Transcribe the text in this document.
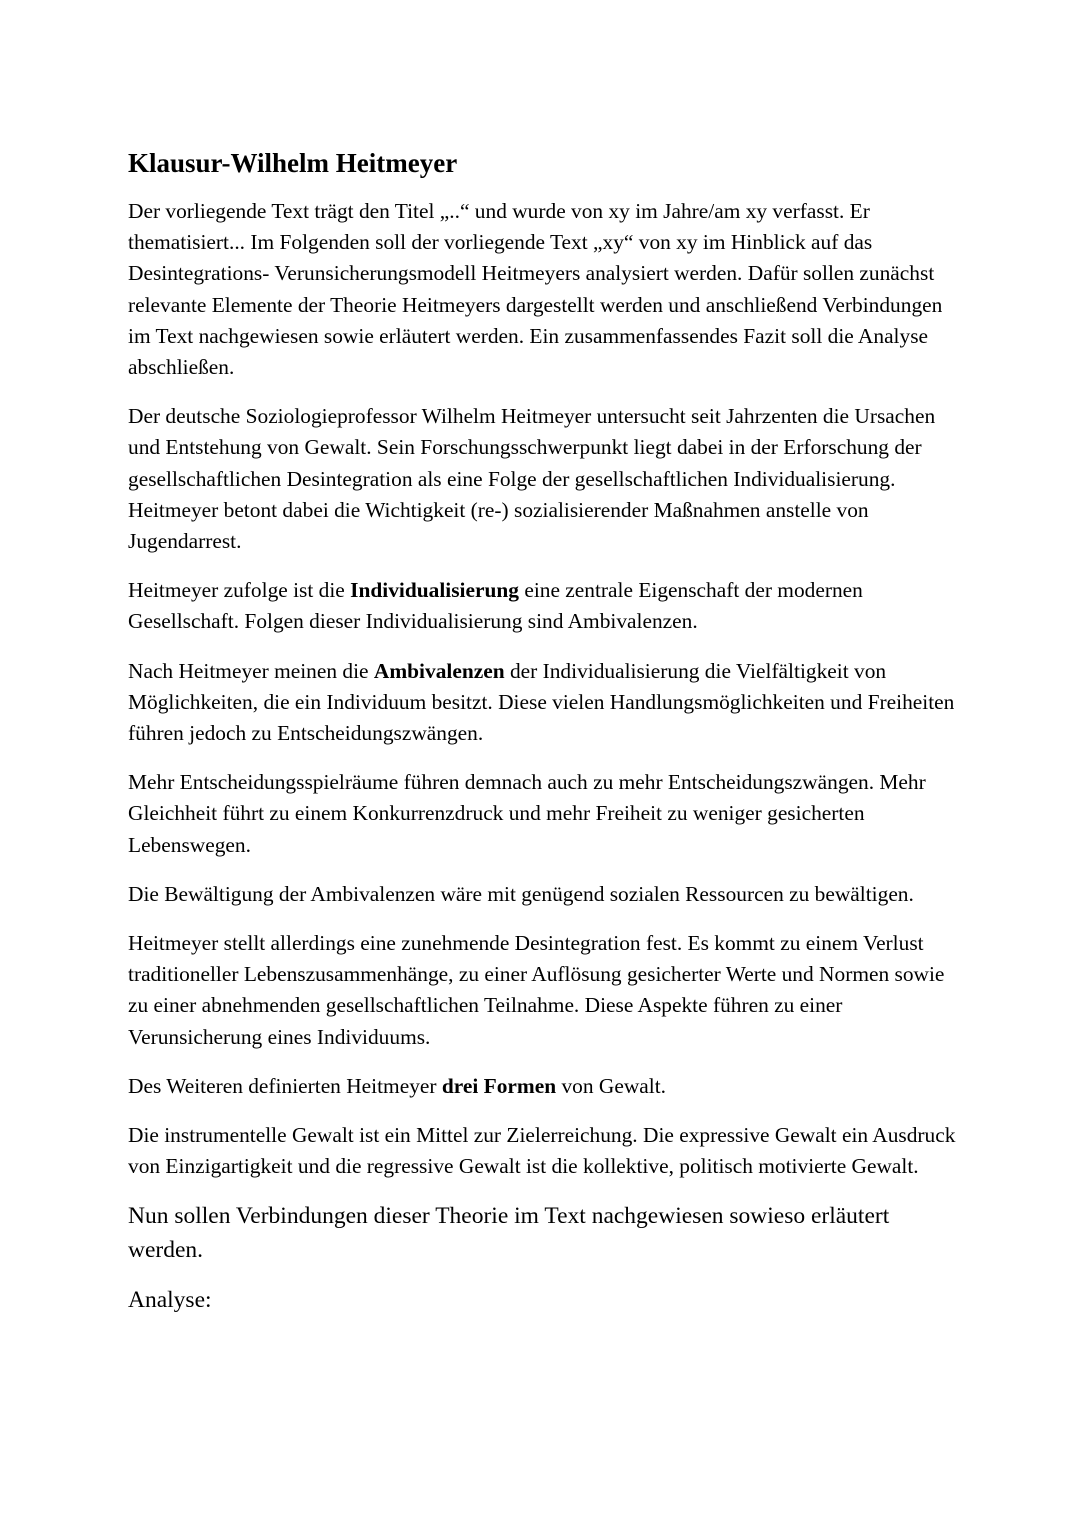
Klausur-Wilhelm Heitmeyer

Der vorliegende Text trägt den Titel „..“ und wurde von xy im Jahre/am xy verfasst. Er thematisiert... Im Folgenden soll der vorliegende Text „xy“ von xy im Hinblick auf das Desintegrations- Verunsicherungsmodell Heitmeyers analysiert werden. Dafür sollen zunächst relevante Elemente der Theorie Heitmeyers dargestellt werden und anschließend Verbindungen im Text nachgewiesen sowie erläutert werden. Ein zusammenfassendes Fazit soll die Analyse abschließen.

Der deutsche Soziologieprofessor Wilhelm Heitmeyer untersucht seit Jahrzenten die Ursachen und Entstehung von Gewalt. Sein Forschungsschwerpunkt liegt dabei in der Erforschung der gesellschaftlichen Desintegration als eine Folge der gesellschaftlichen Individualisierung. Heitmeyer betont dabei die Wichtigkeit (re-) sozialisierender Maßnahmen anstelle von Jugendarrest.

Heitmeyer zufolge ist die Individualisierung eine zentrale Eigenschaft der modernen Gesellschaft. Folgen dieser Individualisierung sind Ambivalenzen.

Nach Heitmeyer meinen die Ambivalenzen der Individualisierung die Vielfältigkeit von Möglichkeiten, die ein Individuum besitzt. Diese vielen Handlungsmöglichkeiten und Freiheiten führen jedoch zu Entscheidungszwängen.

Mehr Entscheidungsspielräume führen demnach auch zu mehr Entscheidungszwängen. Mehr Gleichheit führt zu einem Konkurrenzdruck und mehr Freiheit zu weniger gesicherten Lebenswegen.

Die Bewältigung der Ambivalenzen wäre mit genügend sozialen Ressourcen zu bewältigen.

Heitmeyer stellt allerdings eine zunehmende Desintegration fest. Es kommt zu einem Verlust traditioneller Lebenszusammenhänge, zu einer Auflösung gesicherter Werte und Normen sowie zu einer abnehmenden gesellschaftlichen Teilnahme. Diese Aspekte führen zu einer Verunsicherung eines Individuums.

Des Weiteren definierten Heitmeyer drei Formen von Gewalt.

Die instrumentelle Gewalt ist ein Mittel zur Zielerreichung. Die expressive Gewalt ein Ausdruck von Einzigartigkeit und die regressive Gewalt ist die kollektive, politisch motivierte Gewalt.

Nun sollen Verbindungen dieser Theorie im Text nachgewiesen sowieso erläutert werden.

Analyse:
